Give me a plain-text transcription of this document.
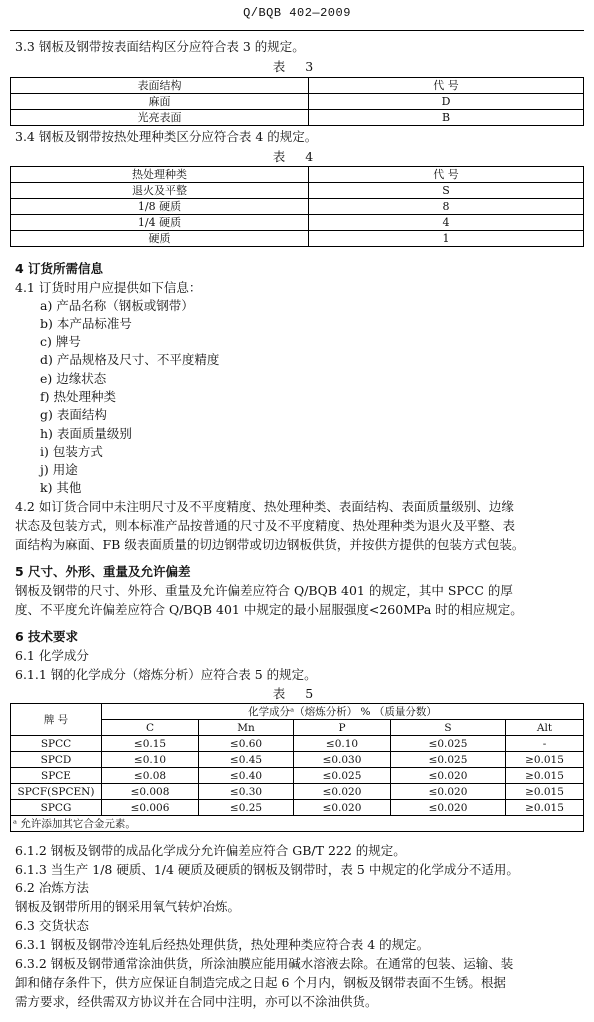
Q/BQB 402—2009
3.3 钢板及钢带按表面结构区分应符合表 3 的规定。
表 3
表面结构	代 号
麻面	D
光亮表面	B
3.4 钢板及钢带按热处理种类区分应符合表 4 的规定。
表 4
热处理种类	代 号
退火及平整	S
1/8 硬质	8
1/4 硬质	4
硬质	1
4 订货所需信息
4.1 订货时用户应提供如下信息：
a) 产品名称（钢板或钢带）
b) 本产品标准号
c) 牌号
d) 产品规格及尺寸、不平度精度
e) 边缘状态
f) 热处理种类
g) 表面结构
h) 表面质量级别
i) 包装方式
j) 用途
k) 其他
4.2 如订货合同中未注明尺寸及不平度精度、热处理种类、表面结构、表面质量级别、边缘
状态及包装方式，则本标准产品按普通的尺寸及不平度精度、热处理种类为退火及平整、表
面结构为麻面、FB 级表面质量的切边钢带或切边钢板供货，并按供方提供的包装方式包装。
5 尺寸、外形、重量及允许偏差
钢板及钢带的尺寸、外形、重量及允许偏差应符合 Q/BQB 401 的规定，其中 SPCC 的厚
度、不平度允许偏差应符合 Q/BQB 401 中规定的最小屈服强度<260MPa 时的相应规定。
6 技术要求
6.1 化学成分
6.1.1 钢的化学成分（熔炼分析）应符合表 5 的规定。
表 5
牌 号	化学成分ᵃ（熔炼分析） % （质量分数）				
	C	Mn	P	S	Alt
SPCC	≤0.15	≤0.60	≤0.10	≤0.025	-
SPCD	≤0.10	≤0.45	≤0.030	≤0.025	≥0.015
SPCE	≤0.08	≤0.40	≤0.025	≤0.020	≥0.015
SPCF(SPCEN)	≤0.008	≤0.30	≤0.020	≤0.020	≥0.015
SPCG	≤0.006	≤0.25	≤0.020	≤0.020	≥0.015
ᵃ 允许添加其它合金元素。					
6.1.2 钢板及钢带的成品化学成分允许偏差应符合 GB/T 222 的规定。
6.1.3 当生产 1/8 硬质、1/4 硬质及硬质的钢板及钢带时，表 5 中规定的化学成分不适用。
6.2 冶炼方法
钢板及钢带所用的钢采用氧气转炉冶炼。
6.3 交货状态
6.3.1 钢板及钢带冷连轧后经热处理供货，热处理种类应符合表 4 的规定。
6.3.2 钢板及钢带通常涂油供货，所涂油膜应能用碱水溶液去除。在通常的包装、运输、装
卸和储存条件下，供方应保证自制造完成之日起 6 个月内，钢板及钢带表面不生锈。根据
需方要求，经供需双方协议并在合同中注明，亦可以不涂油供货。
